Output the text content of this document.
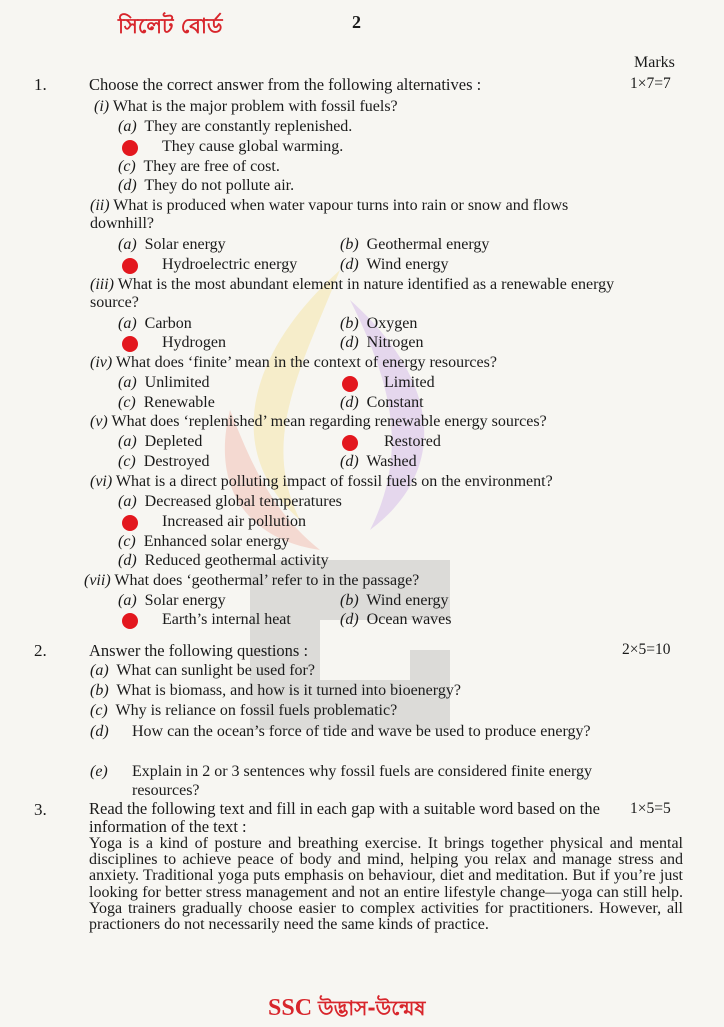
সিলেট বোর্ড	2
Marks
1.	Choose the correct answer from the following alternatives :	1×7=7
(i) What is the major problem with fossil fuels?
(a) They are constantly replenished.
They cause global warming.
(c) They are free of cost.
(d) They do not pollute air.
(ii) What is produced when water vapour turns into rain or snow and flows downhill?
(a) Solar energy	(b) Geothermal energy
Hydroelectric energy	(d) Wind energy
(iii) What is the most abundant element in nature identified as a renewable energy source?
(a) Carbon	(b) Oxygen
Hydrogen	(d) Nitrogen
(iv) What does ‘finite’ mean in the context of energy resources?
(a) Unlimited	Limited
(c) Renewable	(d) Constant
(v) What does ‘replenished’ mean regarding renewable energy sources?
(a) Depleted	Restored
(c) Destroyed	(d) Washed
(vi) What is a direct polluting impact of fossil fuels on the environment?
(a) Decreased global temperatures
Increased air pollution
(c) Enhanced solar energy
(d) Reduced geothermal activity
(vii) What does ‘geothermal’ refer to in the passage?
(a) Solar energy	(b) Wind energy
Earth’s internal heat	(d) Ocean waves
2.	Answer the following questions :	2×5=10
(a) What can sunlight be used for?
(b) What is biomass, and how is it turned into bioenergy?
(c) Why is reliance on fossil fuels problematic?
(d)	How can the ocean’s force of tide and wave be used to produce energy?
(e)	Explain in 2 or 3 sentences why fossil fuels are considered finite energy resources?
3.	Read the following text and fill in each gap with a suitable word based on the information of the text :
1×5=5
Yoga is a kind of posture and breathing exercise. It brings together physical and mental disciplines to achieve peace of body and mind, helping you relax and manage stress and anxiety. Traditional yoga puts emphasis on behaviour, diet and meditation. But if you’re just looking for better stress management and not an entire lifestyle change—yoga can still help. Yoga trainers gradually choose easier to complex activities for practitioners. However, all practioners do not necessarily need the same kinds of practice.
SSC উদ্ভাস-উন্মেষ
